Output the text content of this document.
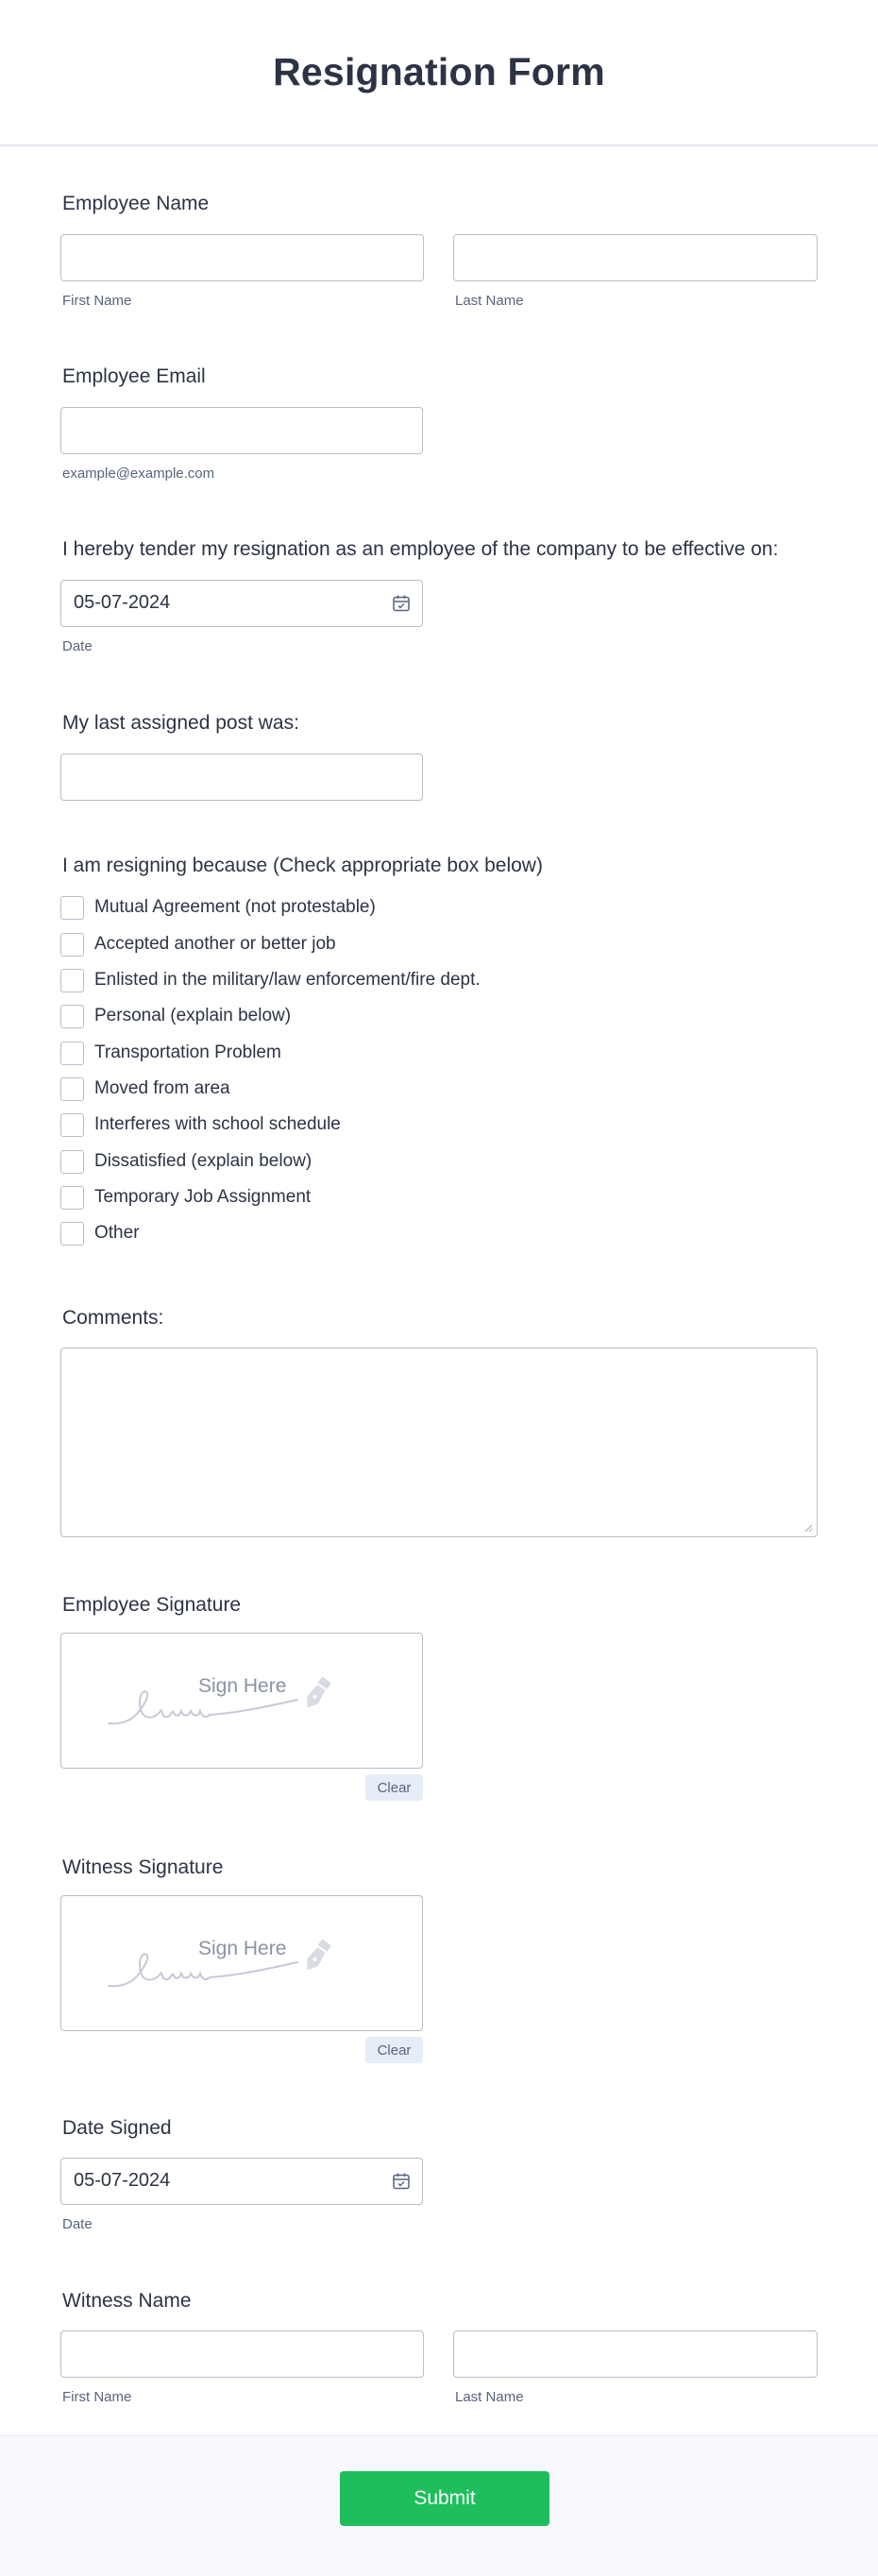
Resignation Form
Employee Name
First Name	Last Name
Employee Email
example@example.com
I hereby tender my resignation as an employee of the company to be effective on:
05-07-2024
Date
My last assigned post was:
I am resigning because (Check appropriate box below)
Mutual Agreement (not protestable)
Accepted another or better job
Enlisted in the military/law enforcement/fire dept.
Personal (explain below)
Transportation Problem
Moved from area
Interferes with school schedule
Dissatisfied (explain below)
Temporary Job Assignment
Other
Comments:
Employee Signature
Sign Here
Clear
Witness Signature
Sign Here
Clear
Date Signed
05-07-2024
Date
Witness Name
First Name	Last Name
Submit
